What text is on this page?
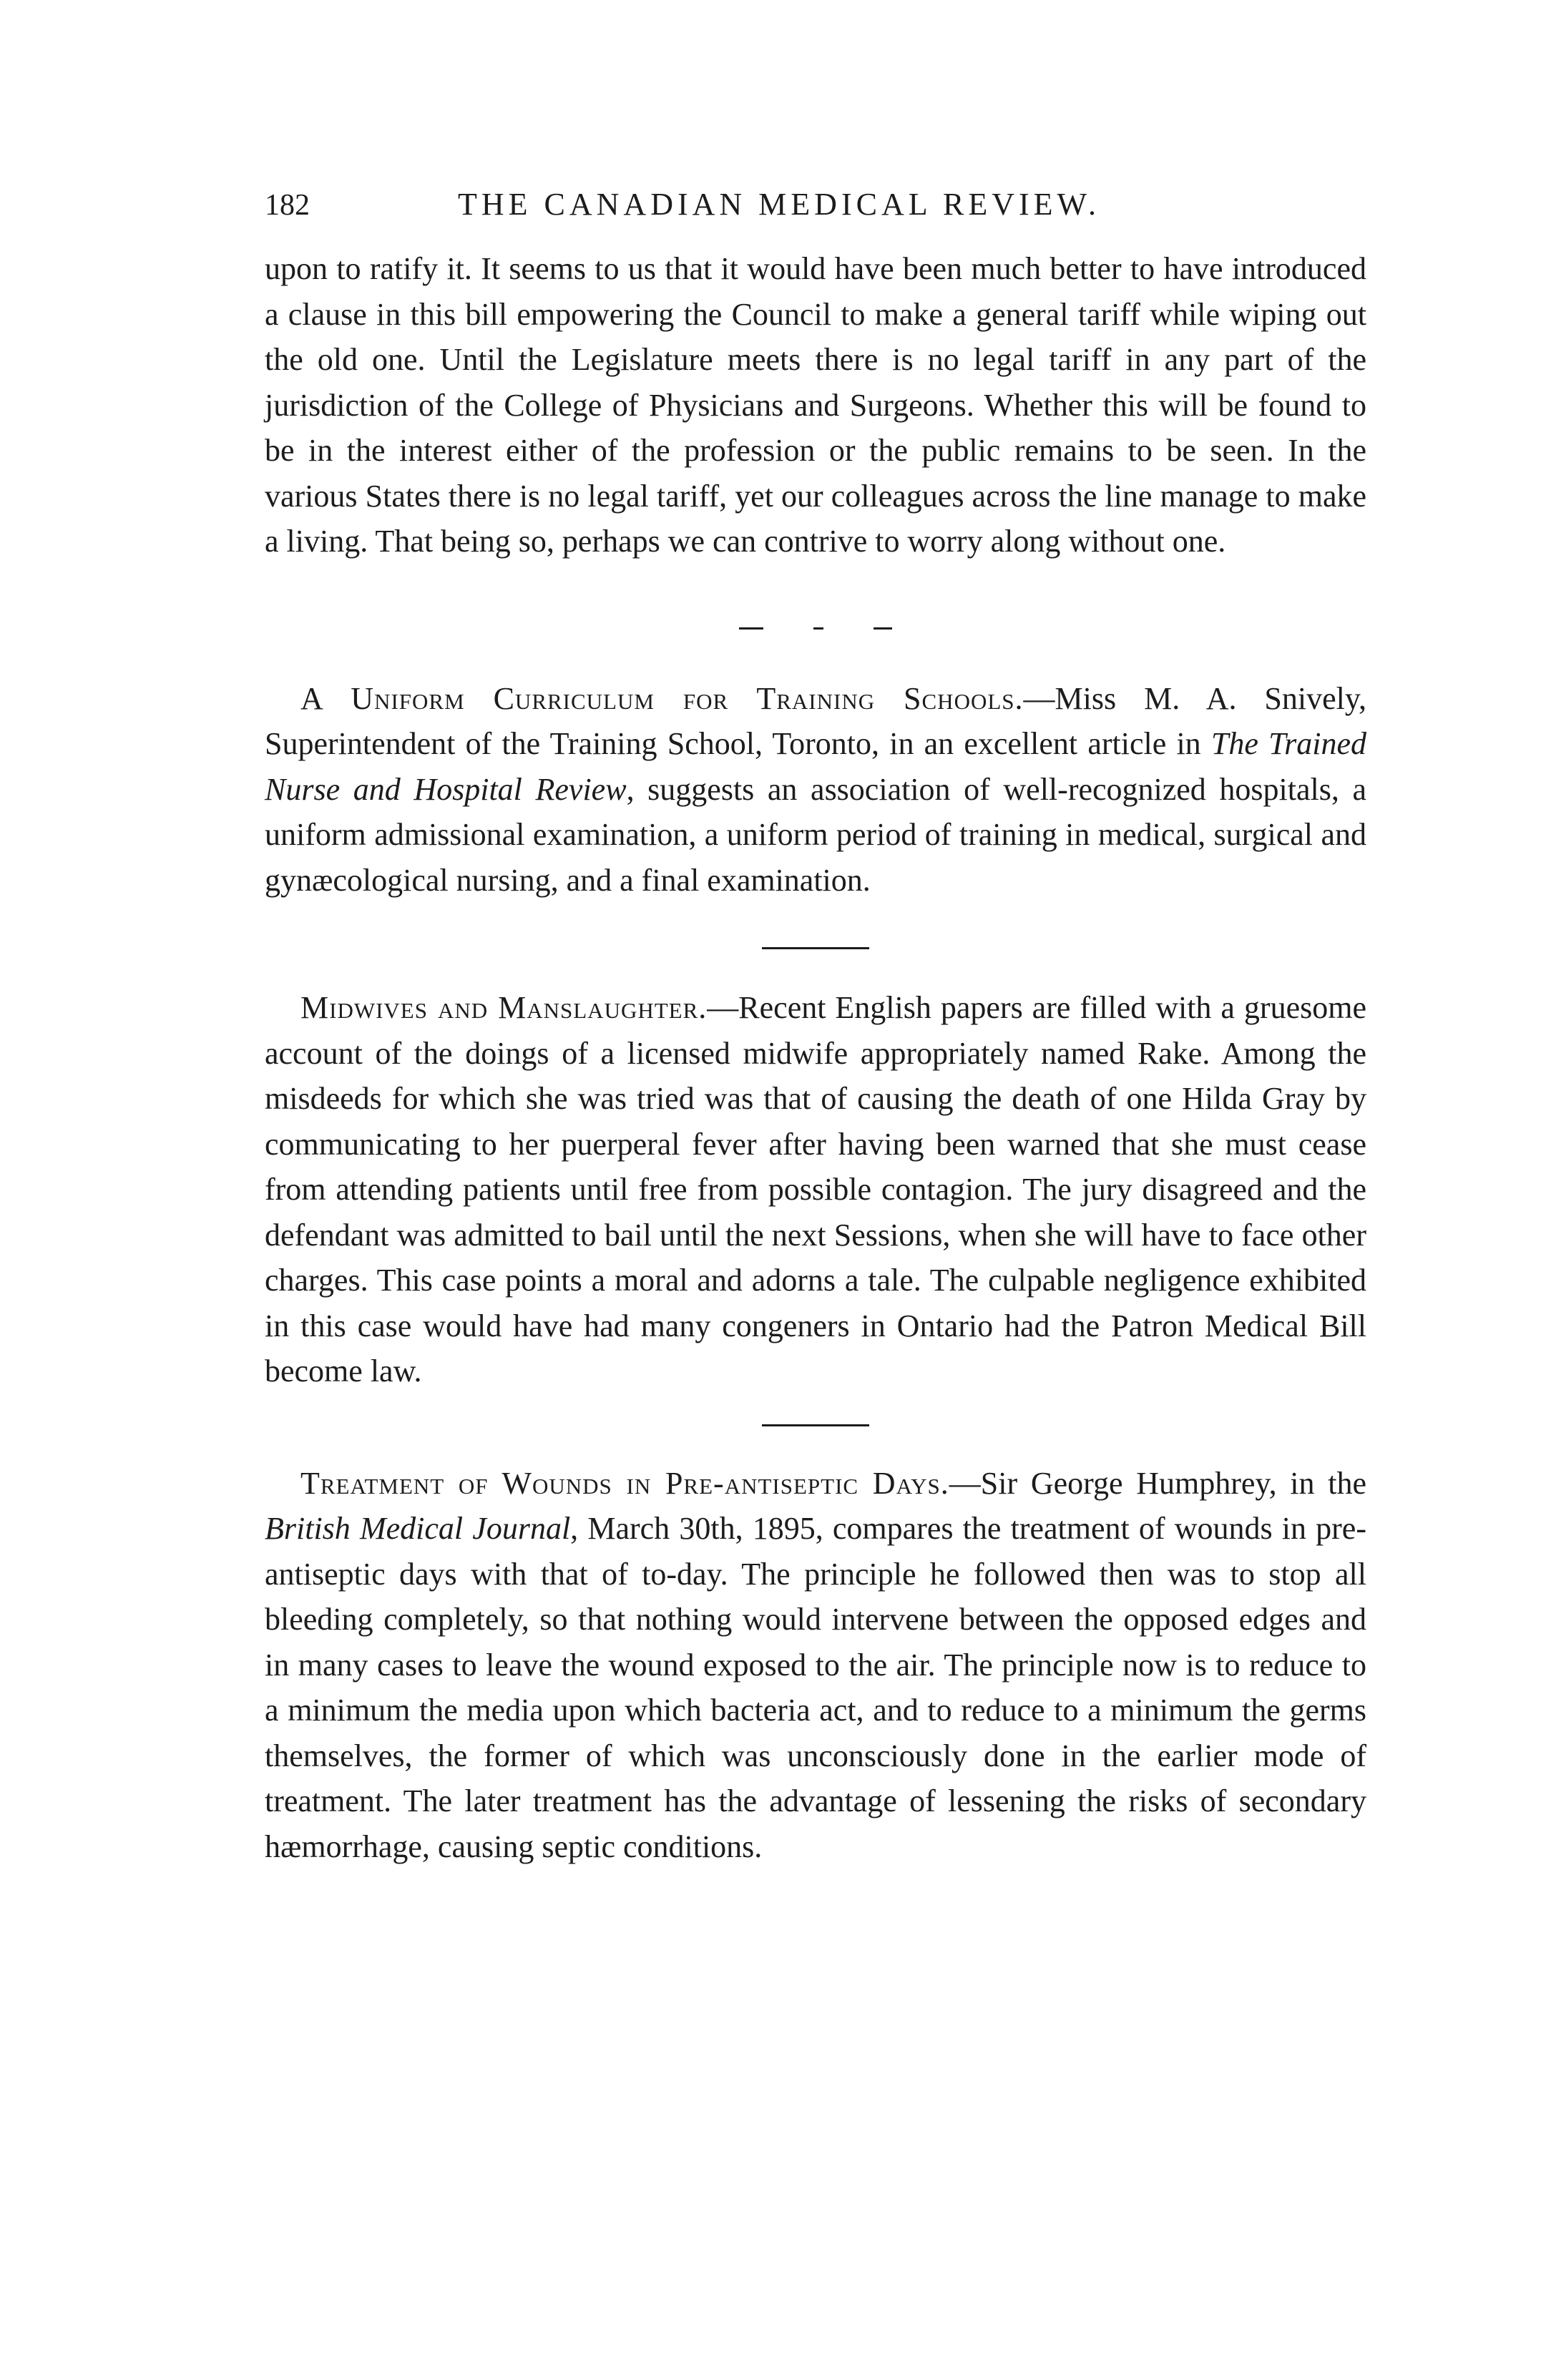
182	THE CANADIAN MEDICAL REVIEW.

upon to ratify it. It seems to us that it would have been much better to have introduced a clause in this bill empowering the Council to make a general tariff while wiping out the old one. Until the Legislature meets there is no legal tariff in any part of the jurisdiction of the College of Physicians and Surgeons. Whether this will be found to be in the interest either of the profession or the public remains to be seen. In the various States there is no legal tariff, yet our colleagues across the line manage to make a living. That being so, perhaps we can contrive to worry along without one.

A Uniform Curriculum for Training Schools.—Miss M. A. Snively, Superintendent of the Training School, Toronto, in an excellent article in The Trained Nurse and Hospital Review, suggests an association of well-recognized hospitals, a uniform admissional examination, a uniform period of training in medical, surgical and gynæcological nursing, and a final examination.

Midwives and Manslaughter.—Recent English papers are filled with a gruesome account of the doings of a licensed midwife appropriately named Rake. Among the misdeeds for which she was tried was that of causing the death of one Hilda Gray by communicating to her puerperal fever after having been warned that she must cease from attending patients until free from possible contagion. The jury disagreed and the defendant was admitted to bail until the next Sessions, when she will have to face other charges. This case points a moral and adorns a tale. The culpable negligence exhibited in this case would have had many congeners in Ontario had the Patron Medical Bill become law.

Treatment of Wounds in Pre-antiseptic Days.—Sir George Humphrey, in the British Medical Journal, March 30th, 1895, compares the treatment of wounds in pre-antiseptic days with that of to-day. The principle he followed then was to stop all bleeding completely, so that nothing would intervene between the opposed edges and in many cases to leave the wound exposed to the air. The principle now is to reduce to a minimum the media upon which bacteria act, and to reduce to a minimum the germs themselves, the former of which was unconsciously done in the earlier mode of treatment. The later treatment has the advantage of lessening the risks of secondary hæmorrhage, causing septic conditions.
